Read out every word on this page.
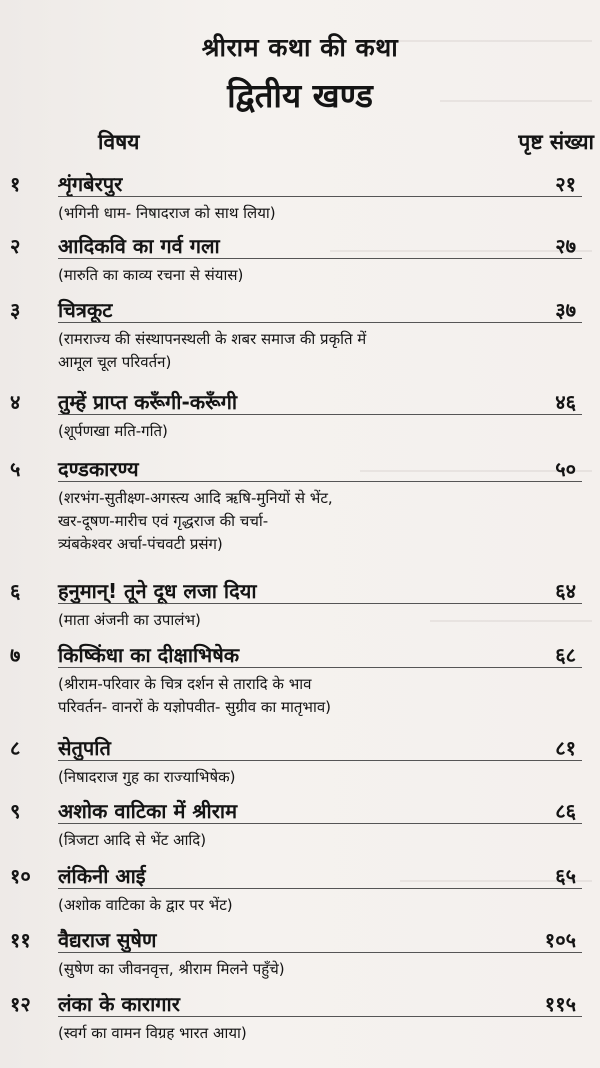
श्रीराम कथा की कथा
द्वितीय खण्ड
विषय	पृष्ट संख्या
१ शृंगबेरपुर	२१
(भगिनी धाम- निषादराज को साथ लिया)
२ आदिकवि का गर्व गला	२७
(मारुति का काव्य रचना से संयास)
३ चित्रकूट	३७
(रामराज्य की संस्थापनस्थली के शबर समाज की प्रकृति में
आमूल चूल परिवर्तन)
४ तुम्हें प्राप्त करूँगी-करूँगी	४६
(शूर्पणखा मति-गति)
५ दण्डकारण्य	५०
(शरभंग-सुतीक्ष्ण-अगस्त्य आदि ऋषि-मुनियों से भेंट,
खर-दूषण-मारीच एवं गृद्धराज की चर्चा-
त्र्यंबकेश्वर अर्चा-पंचवटी प्रसंग)
६ हनुमान्! तूने दूध लजा दिया	६४
(माता अंजनी का उपालंभ)
७ किष्किंधा का दीक्षाभिषेक	६८
(श्रीराम-परिवार के चित्र दर्शन से तारादि के भाव
परिवर्तन- वानरों के यज्ञोपवीत- सुग्रीव का मातृभाव)
८ सेतुपति	८१
(निषादराज गुह का राज्याभिषेक)
९ अशोक वाटिका में श्रीराम	८६
(त्रिजटा आदि से भेंट आदि)
१० लंकिनी आई	६५
(अशोक वाटिका के द्वार पर भेंट)
११ वैद्यराज सुषेण	१०५
(सुषेण का जीवनवृत्त, श्रीराम मिलने पहुँचे)
१२ लंका के कारागार	११५
(स्वर्ग का वामन विग्रह भारत आया)
